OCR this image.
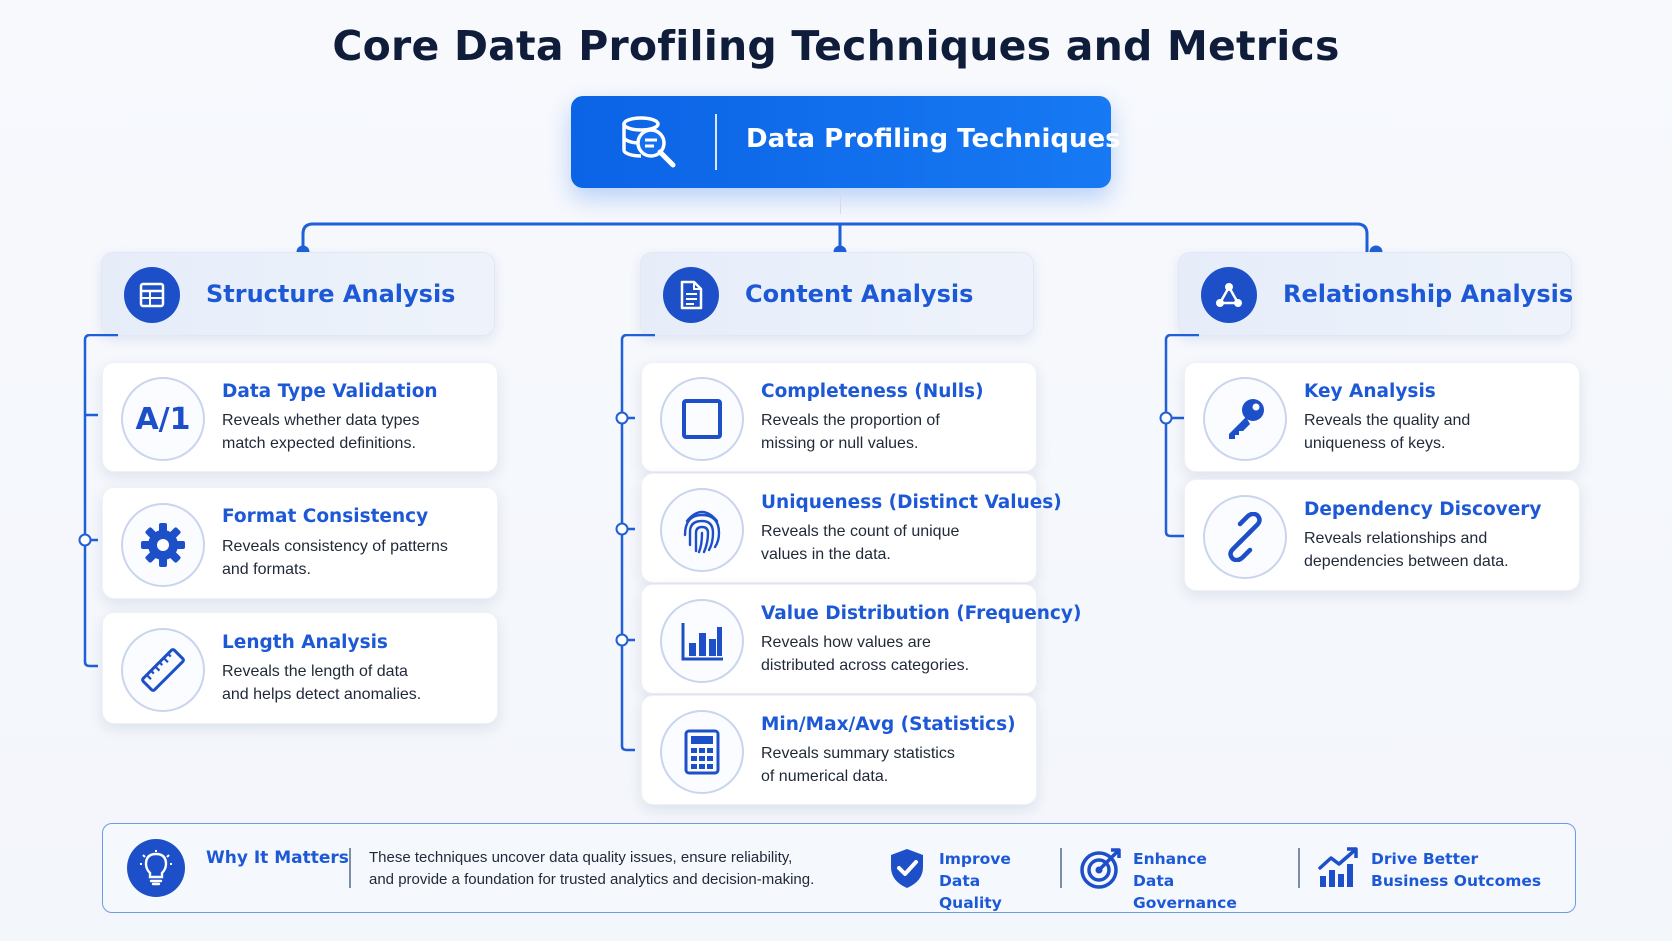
Core Data Profiling Techniques and Metrics
Data Profiling Techniques
Structure Analysis
A/1
Data Type Validation
Reveals whether data types
match expected definitions.
Format Consistency
Reveals consistency of patterns
and formats.
Length Analysis
Reveals the length of data
and helps detect anomalies.
Content Analysis
Completeness (Nulls)
Reveals the proportion of
missing or null values.
Uniqueness (Distinct Values)
Reveals the count of unique
values in the data.
Value Distribution (Frequency)
Reveals how values are
distributed across categories.
Min/Max/Avg (Statistics)
Reveals summary statistics
of numerical data.
Relationship Analysis
Key Analysis
Reveals the quality and
uniqueness of keys.
Dependency Discovery
Reveals relationships and
dependencies between data.
Why It Matters These techniques uncover data quality issues, ensure reliability,
and provide a foundation for trusted analytics and decision-making.
Improve
Data Quality
Enhance
Data Governance
Drive Better
Business Outcomes
